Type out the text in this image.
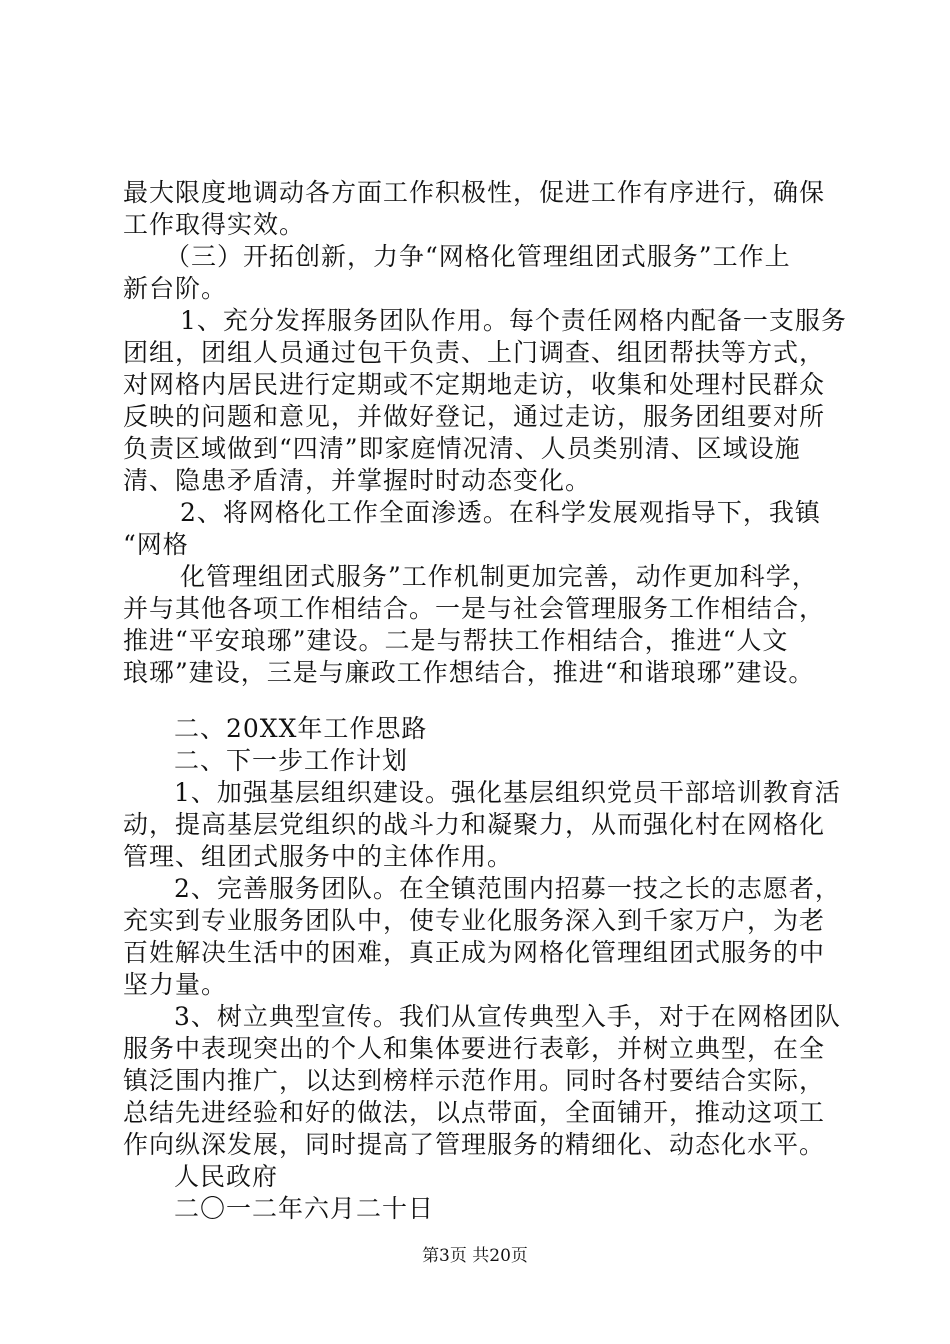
最大限度地调动各方面工作积极性，促进工作有序进行，确保
工作取得实效。
（三）开拓创新，力争“网格化管理组团式服务”工作上
新台阶。
1、充分发挥服务团队作用。每个责任网格内配备一支服务
团组，团组人员通过包干负责、上门调查、组团帮扶等方式，
对网格内居民进行定期或不定期地走访，收集和处理村民群众
反映的问题和意见，并做好登记，通过走访，服务团组要对所
负责区域做到“四清”即家庭情况清、人员类别清、区域设施
清、隐患矛盾清，并掌握时时动态变化。
2、将网格化工作全面渗透。在科学发展观指导下，我镇
“网格
化管理组团式服务”工作机制更加完善，动作更加科学，
并与其他各项工作相结合。一是与社会管理服务工作相结合，
推进“平安琅琊”建设。二是与帮扶工作相结合，推进“人文
琅琊”建设，三是与廉政工作想结合，推进“和谐琅琊”建设。
二、20XX年工作思路
二、下一步工作计划
1、加强基层组织建设。强化基层组织党员干部培训教育活
动，提高基层党组织的战斗力和凝聚力，从而强化村在网格化
管理、组团式服务中的主体作用。
2、完善服务团队。在全镇范围内招募一技之长的志愿者，
充实到专业服务团队中，使专业化服务深入到千家万户，为老
百姓解决生活中的困难，真正成为网格化管理组团式服务的中
坚力量。
3、树立典型宣传。我们从宣传典型入手，对于在网格团队
服务中表现突出的个人和集体要进行表彰，并树立典型，在全
镇泛围内推广，以达到榜样示范作用。同时各村要结合实际，
总结先进经验和好的做法，以点带面，全面铺开，推动这项工
作向纵深发展，同时提高了管理服务的精细化、动态化水平。
人民政府
二〇一二年六月二十日
第3页 共20页
